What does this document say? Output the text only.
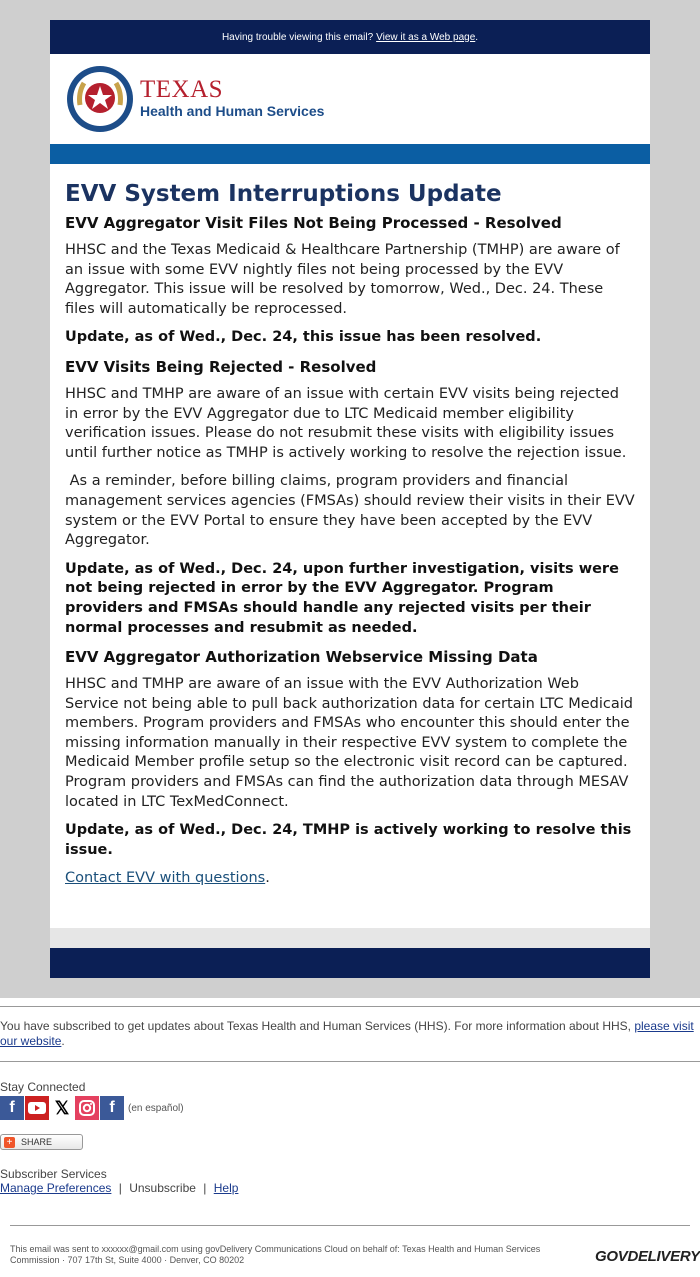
Having trouble viewing this email? View it as a Web page .
TEXAS
Health and Human Services
EVV System Interruptions Update
EVV Aggregator Visit Files Not Being Processed - Resolved

HHSC and the Texas Medicaid & Healthcare Partnership (TMHP) are aware of an issue with some EVV nightly files not being processed by the EVV Aggregator. This issue will be resolved by tomorrow, Wed., Dec. 24. These files will automatically be reprocessed.

Update, as of Wed., Dec. 24, this issue has been resolved.

EVV Visits Being Rejected - Resolved

HHSC and TMHP are aware of an issue with certain EVV visits being rejected in error by the EVV Aggregator due to LTC Medicaid member eligibility verification issues. Please do not resubmit these visits with eligibility issues until further notice as TMHP is actively working to resolve the rejection issue.

As a reminder, before billing claims, program providers and financial management services agencies (FMSAs) should review their visits in their EVV system or the EVV Portal to ensure they have been accepted by the EVV Aggregator.

Update, as of Wed., Dec. 24, upon further investigation, visits were not being rejected in error by the EVV Aggregator. Program providers and FMSAs should handle any rejected visits per their normal processes and resubmit as needed.

EVV Aggregator Authorization Webservice Missing Data

HHSC and TMHP are aware of an issue with the EVV Authorization Web Service not being able to pull back authorization data for certain LTC Medicaid members. Program providers and FMSAs who encounter this should enter the missing information manually in their respective EVV system to complete the Medicaid Member profile setup so the electronic visit record can be captured. Program providers and FMSAs can find the authorization data through MESAV located in LTC TexMedConnect.

Update, as of Wed., Dec. 24, TMHP is actively working to resolve this issue.

Contact EVV with questions.

You have subscribed to get updates about Texas Health and Human Services (HHS). For more information about HHS, please visit our website.
Stay Connected
f	𝕏	f	(en español)
+ SHARE
Subscriber Services
Manage Preferences | Unsubscribe | Help
This email was sent to xxxxxx@gmail.com using govDelivery Communications Cloud on behalf of: Texas Health and Human Services Commission · 707 17th St, Suite 4000 · Denver, CO 80202	GOVDELIVERY
